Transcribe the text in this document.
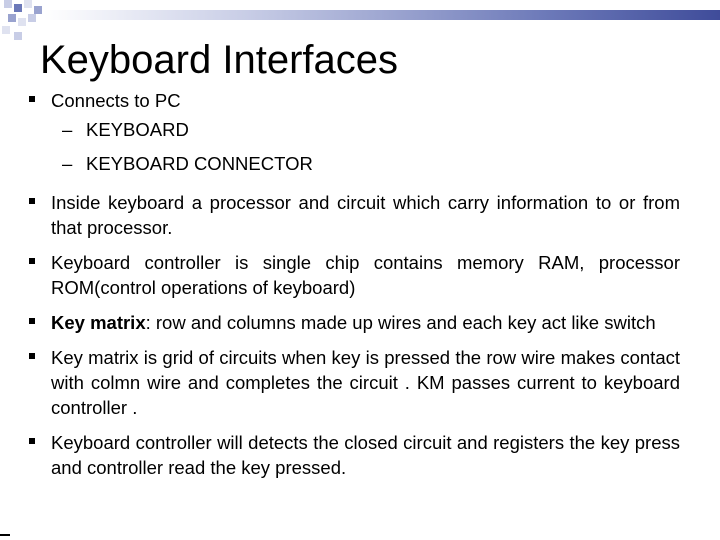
Keyboard Interfaces
Connects to PC
– KEYBOARD
– KEYBOARD CONNECTOR
Inside keyboard a processor and circuit which carry information to or from that processor.
Keyboard controller is single chip contains memory RAM, processor ROM(control operations of keyboard)
Key matrix: row and columns made up wires and each key act like switch
Key matrix is grid of circuits when key is pressed the row wire makes contact with colmn wire and completes the circuit . KM passes current to keyboard controller .
Keyboard controller will detects the closed circuit and registers the key press and controller read the key pressed.
